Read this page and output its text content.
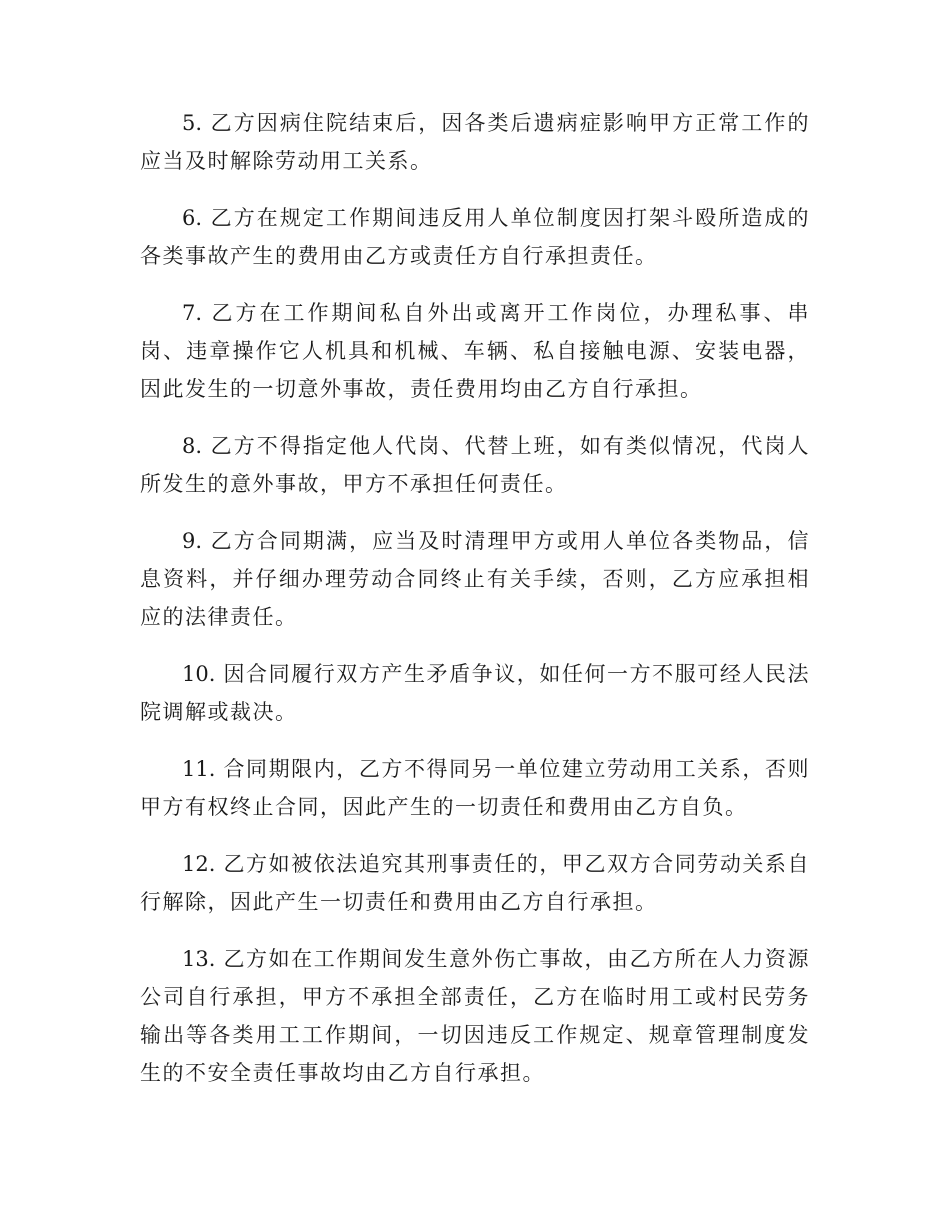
5. 乙方因病住院结束后，因各类后遗病症影响甲方正常工作的应当及时解除劳动用工关系。

6. 乙方在规定工作期间违反用人单位制度因打架斗殴所造成的各类事故产生的费用由乙方或责任方自行承担责任。

7. 乙方在工作期间私自外出或离开工作岗位，办理私事、串岗、违章操作它人机具和机械、车辆、私自接触电源、安装电器，因此发生的一切意外事故，责任费用均由乙方自行承担。

8. 乙方不得指定他人代岗、代替上班，如有类似情况，代岗人所发生的意外事故，甲方不承担任何责任。

9. 乙方合同期满，应当及时清理甲方或用人单位各类物品，信息资料，并仔细办理劳动合同终止有关手续，否则，乙方应承担相应的法律责任。

10. 因合同履行双方产生矛盾争议，如任何一方不服可经人民法院调解或裁决。

11. 合同期限内，乙方不得同另一单位建立劳动用工关系，否则甲方有权终止合同，因此产生的一切责任和费用由乙方自负。

12. 乙方如被依法追究其刑事责任的，甲乙双方合同劳动关系自行解除，因此产生一切责任和费用由乙方自行承担。

13. 乙方如在工作期间发生意外伤亡事故，由乙方所在人力资源公司自行承担，甲方不承担全部责任，乙方在临时用工或村民劳务输出等各类用工工作期间，一切因违反工作规定、规章管理制度发生的不安全责任事故均由乙方自行承担。
